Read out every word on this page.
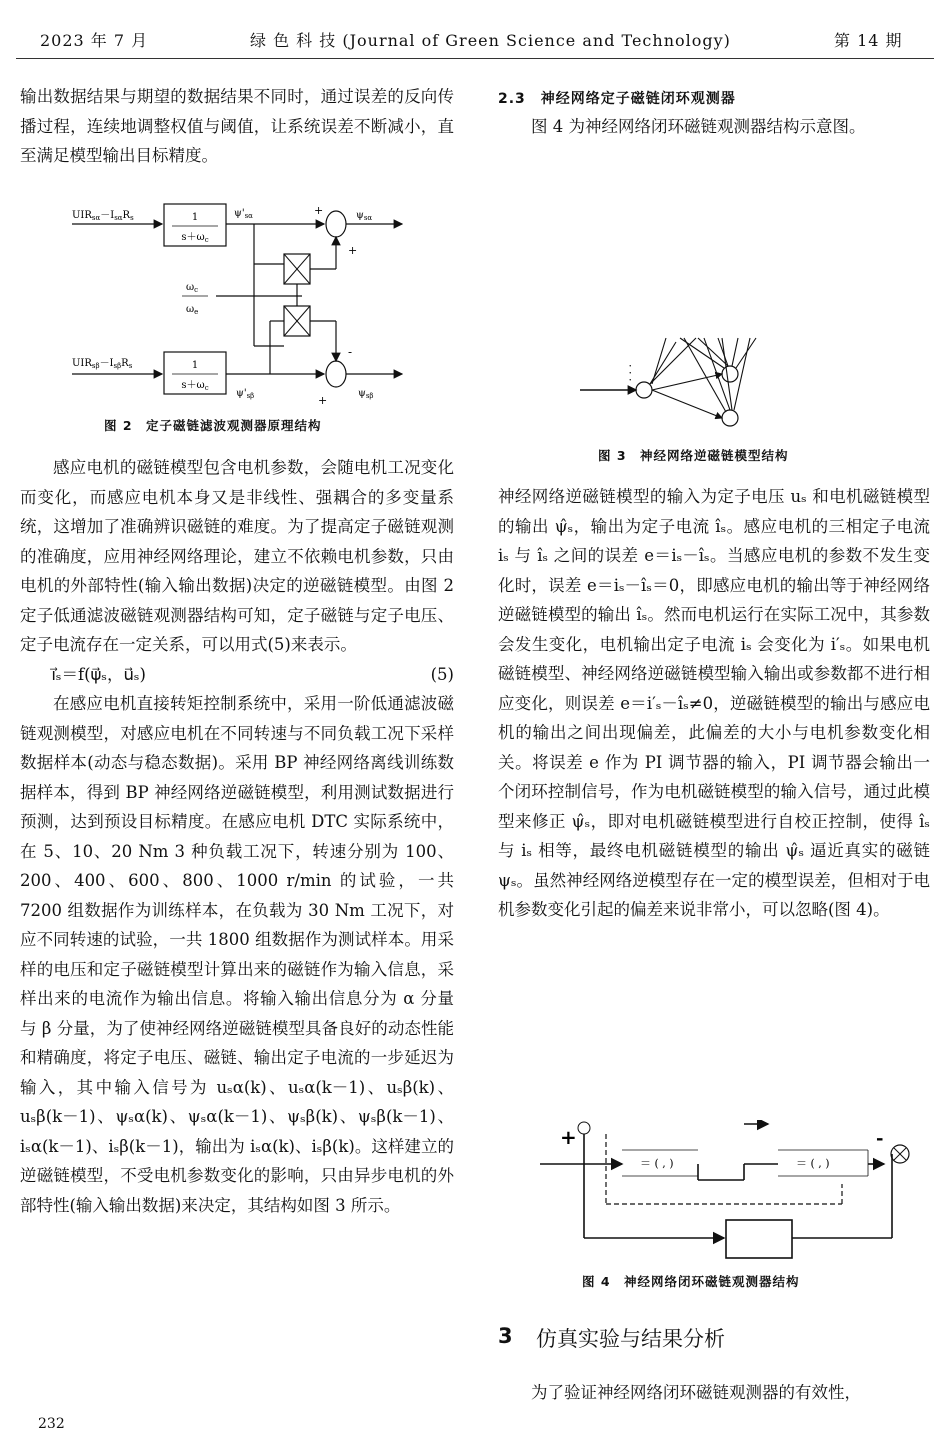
2023 年 7 月	绿 色 科 技 (Journal of Green Science and Technology)	第 14 期

输出数据结果与期望的数据结果不同时，通过误差的反向传播过程，连续地调整权值与阈值，让系统误差不断减小，直至满足模型输出目标精度。

$UIR_{s\alpha}-I_{s\alpha}R_s$	1
$s+\omega_c$
$\psi'_{s\alpha}$	+
+
$\psi_{s\alpha}$
$\omega_c$
$\omega_e$
$UIR_{s\beta}-I_{s\beta}R_s$	1
$s+\omega_c$	$\psi'_{s\beta}$
-
+
$\psi_{s\beta}$
图 2　定子磁链滤波观测器原理结构

感应电机的磁链模型包含电机参数，会随电机工况变化而变化，而感应电机本身又是非线性、强耦合的多变量系统，这增加了准确辨识磁链的难度。为了提高定子磁链观测的准确度，应用神经网络理论，建立不依赖电机参数，只由电机的外部特性(输入输出数据)决定的逆磁链模型。由图 2 定子低通滤波磁链观测器结构可知，定子磁链与定子电压、定子电流存在一定关系，可以用式(5)来表示。

i⃗ₛ＝f(ψ⃗ₛ，u⃗ₛ)	(5)

在感应电机直接转矩控制系统中，采用一阶低通滤波磁链观测模型，对感应电机在不同转速与不同负载工况下采样数据样本(动态与稳态数据)。采用 BP 神经网络离线训练数据样本，得到 BP 神经网络逆磁链模型，利用测试数据进行预测，达到预设目标精度。在感应电机 DTC 实际系统中，在 5、10、20 Nm 3 种负载工况下，转速分别为 100、200、400、600、800、1000 r/min 的试验，一共 7200 组数据作为训练样本，在负载为 30 Nm 工况下，对应不同转速的试验，一共 1800 组数据作为测试样本。用采样的电压和定子磁链模型计算出来的磁链作为输入信息，采样出来的电流作为输出信息。将输入输出信息分为 α 分量与 β 分量，为了使神经网络逆磁链模型具备良好的动态性能和精确度，将定子电压、磁链、输出定子电流的一步延迟为输入，其中输入信号为 uₛα(k)、uₛα(k－1)、uₛβ(k)、uₛβ(k－1)、ψₛα(k)、ψₛα(k－1)、ψₛβ(k)、ψₛβ(k－1)、iₛα(k－1)、iₛβ(k－1)，输出为 iₛα(k)、iₛβ(k)。这样建立的逆磁链模型，不受电机参数变化的影响，只由异步电机的外部特性(输入输出数据)来决定，其结构如图 3 所示。

232
2.3　神经网络定子磁链闭环观测器

图 4 为神经网络闭环磁链观测器结构示意图。

· · ·
图 3　神经网络逆磁链模型结构

神经网络逆磁链模型的输入为定子电压 uₛ 和电机磁链模型的输出 ψ̂ₛ，输出为定子电流 îₛ。感应电机的三相定子电流 iₛ 与 îₛ 之间的误差 e＝iₛ－îₛ。当感应电机的参数不发生变化时，误差 e＝iₛ－îₛ＝0，即感应电机的输出等于神经网络逆磁链模型的输出 îₛ。然而电机运行在实际工况中，其参数会发生变化，电机输出定子电流 iₛ 会变化为 i′ₛ。如果电机磁链模型、神经网络逆磁链模型输入输出或参数都不进行相应变化，则误差 e＝i′ₛ－îₛ≠0，逆磁链模型的输出与感应电机的输出之间出现偏差，此偏差的大小与电机参数变化相关。将误差 e 作为 PI 调节器的输入，PI 调节器会输出一个闭环控制信号，作为电机磁链模型的输入信号，通过此模型来修正 ψ̂ₛ，即对电机磁链模型进行自校正控制，使得 îₛ 与 iₛ 相等，最终电机磁链模型的输出 ψ̂ₛ 逼近真实的磁链 ψₛ。虽然神经网络逆模型存在一定的模型误差，但相对于电机参数变化引起的偏差来说非常小，可以忽略(图 4)。

＝ ( , )	＝ ( , )
+	-
图 4　神经网络闭环磁链观测器结构
3 仿真实验与结果分析

为了验证神经网络闭环磁链观测器的有效性，
